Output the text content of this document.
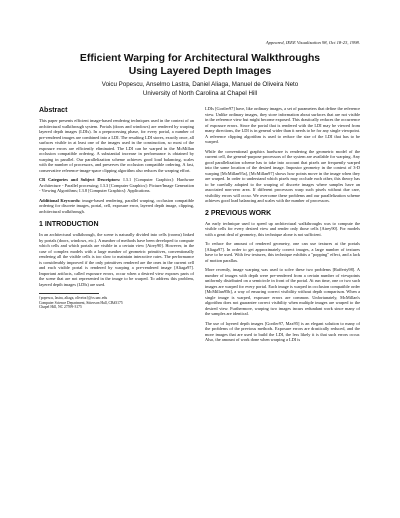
Appeared, IEEE Visualization 98, Oct 18-23, 1998.
Efficient Warping for Architectural Walkthroughs
Using Layered Depth Images
Voicu Popescu, Anselmo Lastra, Daniel Aliaga, Manuel de Oliveira Neto
University of North Carolina at Chapel Hill
Abstract

This paper presents efficient image-based rendering techniques used in the context of an architectural walkthrough system. Portals (doors and windows) are rendered by warping layered depth images (LDIs). In a preprocessing phase, for every portal, a number of pre-rendered images are combined into a LDI. The resulting LDI stores, exactly once, all surfaces visible in at least one of the images used in the construction, so most of the exposure errors are efficiently eliminated. The LDI can be warped in the McMillan occlusion compatible ordering. A substantial increase in performance is obtained by warping in parallel. Our parallelization scheme achieves good load balancing, scales with the number of processors, and preserves the occlusion compatible ordering. A fast, conservative reference-image-space clipping algorithm also reduces the warping effort.

CR Categories and Subject Descriptors: I.3.1 [Computer Graphics]: Hardware Architecture - Parallel processing; I.3.3 [Computer Graphics]: Picture/Image Generation - Viewing Algorithms; I.3.8 [Computer Graphics]: Applications.

Additional Keywords: image-based rendering, parallel warping, occlusion compatible ordering for discrete images, portal, cell, exposure error, layered depth image, clipping, architectural walkthrough.

1 INTRODUCTION

In an architectural walkthrough, the scene is naturally divided into cells (rooms) linked by portals (doors, windows, etc.). A number of methods have been developed to compute which cells and which portals are visible in a certain view [Airey90]. However, in the case of complex models with a large number of geometric primitives, conventionally rendering all the visible cells is too slow to maintain interactive rates. The performance is considerably improved if the only primitives rendered are the ones in the current cell and each visible portal is rendered by warping a pre-rendered image [Aliaga97]. Important artifacts, called exposure errors, occur when a desired view exposes parts of the scene that are not represented in the image to be warped. To address this problem, layered depth images (LDIs) are used.

{popescu, lastra, aliaga, oliveira}@cs.unc.edu

Computer Science Department, Sitterson Hall, CB#3175

Chapel Hill, NC 27599-3175

LDIs [Gortler97] have, like ordinary images, a set of parameters that define the reference view. Unlike ordinary images, they store information about surfaces that are not visible in the reference view but might become exposed. This drastically reduces the occurrence of exposure errors. Since the portal that is rendered with the LDI may be viewed from many directions, the LDI is in general wider than it needs to be for any single viewpoint. A reference clipping algorithm is used to reduce the size of the LDI that has to be warped.

While the conventional graphics hardware is rendering the geometric model of the current cell, the general-purpose processors of the system are available for warping. Any good parallelization scheme has to take into account that pixels are frequently warped into the same location of the desired image. Impostor geometry in the context of 3-D warping [McMillan95a], [McMillan97] shows how points move in the image when they are warped. In order to understand which pixels may occlude each other, this theory has to be carefully adapted to the warping of discrete images where samples have an associated non-zero area. If different processors warp such pixels without due care, visibility errors will occur. We overcome these problems and our parallelization scheme achieves good load balancing and scales with the number of processors.

2 PREVIOUS WORK

An early technique used to speed up architectural walkthroughs was to compute the visible cells for every desired view and render only those cells [Airey90]. For models with a great deal of geometry, this technique alone is not sufficient.

To reduce the amount of rendered geometry, one can use textures at the portals [Aliaga97]. In order to get approximately correct images, a large number of textures have to be used. With few textures, this technique exhibits a "popping" effect, and a lack of motion parallax.

More recently, image warping was used to solve these two problems [Rafferty98]. A number of images with depth were pre-rendered from a certain number of viewpoints uniformly distributed on a semicircle in front of the portal. At run time, one or two such images are warped for every portal. Each image is warped in occlusion compatible order [McMillan95b], a way of ensuring correct visibility without depth comparison. When a single image is warped, exposure errors are common. Unfortunately, McMillan's algorithm does not guarantee correct visibility when multiple images are warped to the desired view. Furthermore, warping two images incurs redundant work since many of the samples are identical.

The use of layered depth images [Gortler97, Max95] is an elegant solution to many of the problems of the previous methods. Exposure errors are drastically reduced, and the more images that are used to build the LDI, the less likely it is that such errors occur. Also, the amount of work done when warping a LDI is
